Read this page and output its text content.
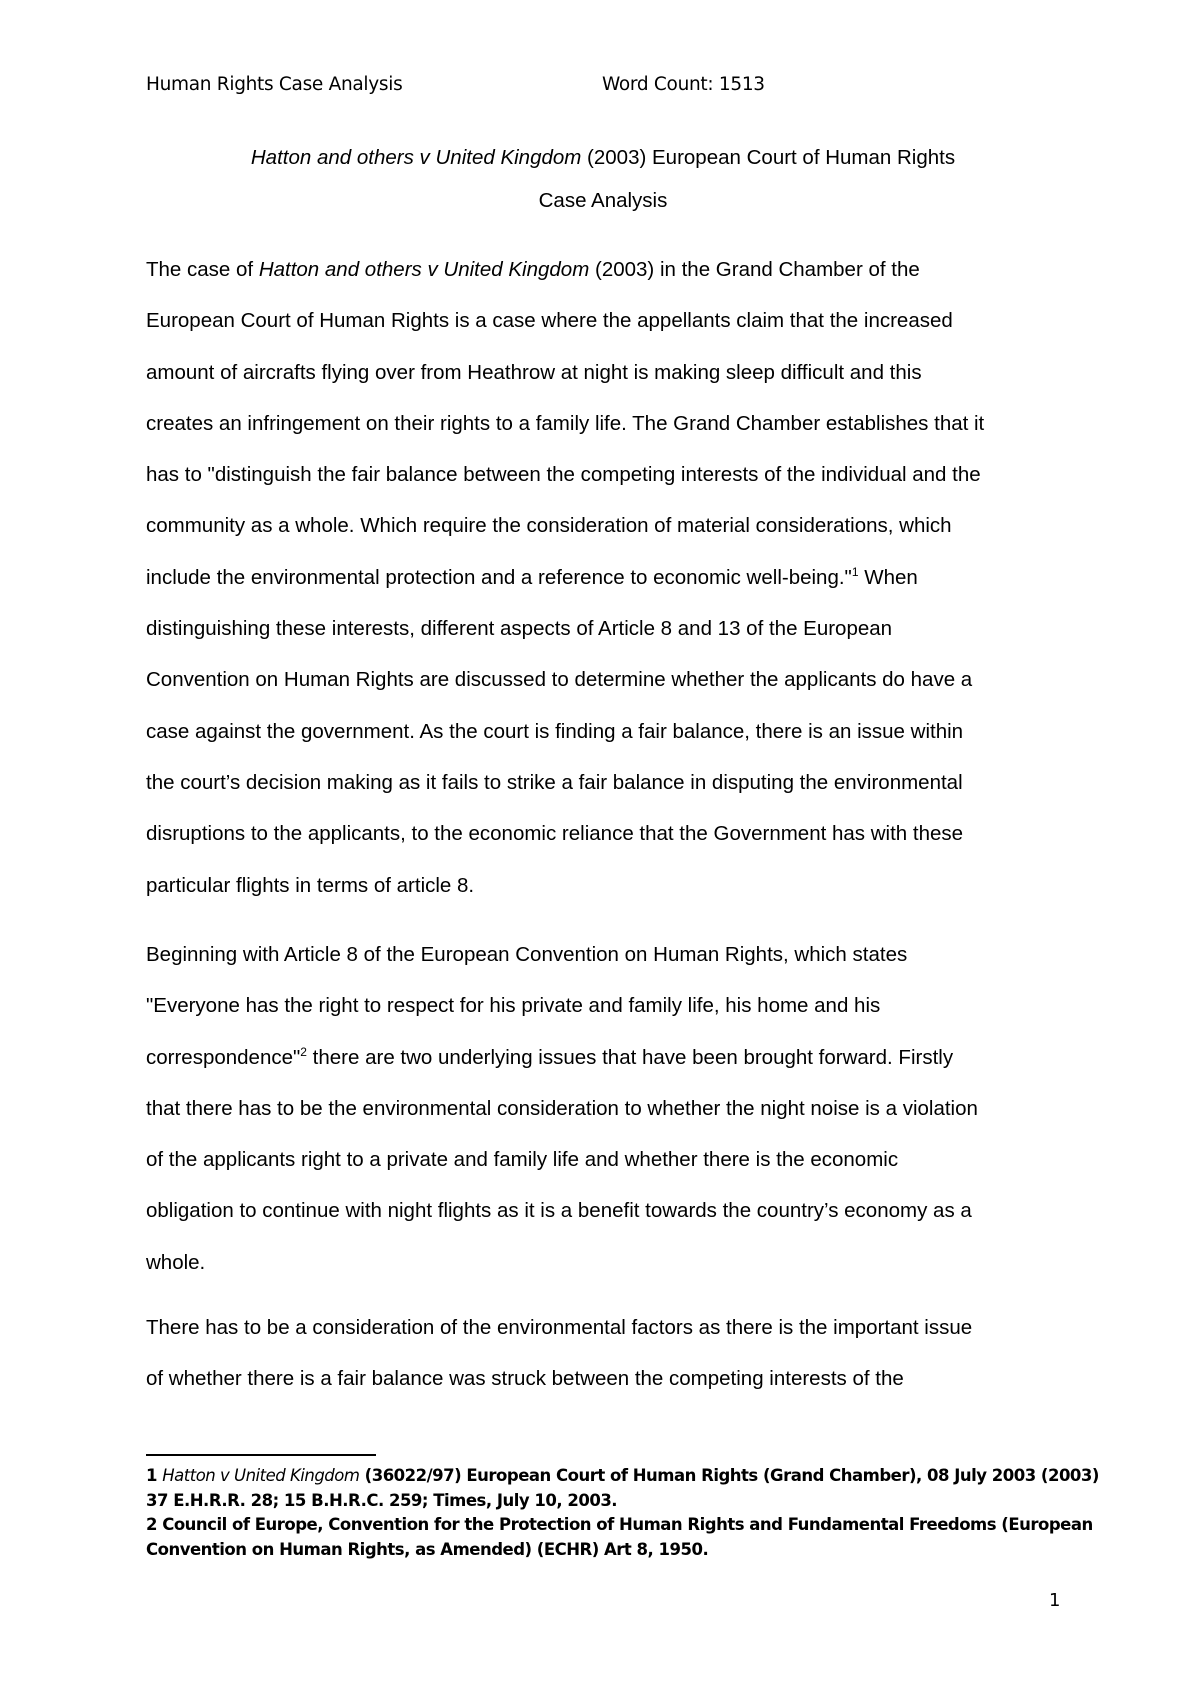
Human Rights Case Analysis	Word Count: 1513
Hatton and others v United Kingdom (2003) European Court of Human Rights
Case Analysis
The case of Hatton and others v United Kingdom (2003) in the Grand Chamber of the
European Court of Human Rights is a case where the appellants claim that the increased
amount of aircrafts flying over from Heathrow at night is making sleep difficult and this
creates an infringement on their rights to a family life. The Grand Chamber establishes that it
has to "distinguish the fair balance between the competing interests of the individual and the
community as a whole. Which require the consideration of material considerations, which
include the environmental protection and a reference to economic well-being."$^1$ When
distinguishing these interests, different aspects of Article 8 and 13 of the European
Convention on Human Rights are discussed to determine whether the applicants do have a
case against the government. As the court is finding a fair balance, there is an issue within
the court’s decision making as it fails to strike a fair balance in disputing the environmental
disruptions to the applicants, to the economic reliance that the Government has with these
particular flights in terms of article 8.
Beginning with Article 8 of the European Convention on Human Rights, which states
"Everyone has the right to respect for his private and family life, his home and his
correspondence"$^2$ there are two underlying issues that have been brought forward. Firstly
that there has to be the environmental consideration to whether the night noise is a violation
of the applicants right to a private and family life and whether there is the economic
obligation to continue with night flights as it is a benefit towards the country’s economy as a
whole.
There has to be a consideration of the environmental factors as there is the important issue
of whether there is a fair balance was struck between the competing interests of the
1 Hatton v United Kingdom (36022/97) European Court of Human Rights (Grand Chamber), 08 July 2003 (2003)
37 E.H.R.R. 28; 15 B.H.R.C. 259; Times, July 10, 2003.
2 Council of Europe, Convention for the Protection of Human Rights and Fundamental Freedoms (European
Convention on Human Rights, as Amended) (ECHR) Art 8, 1950.
1
